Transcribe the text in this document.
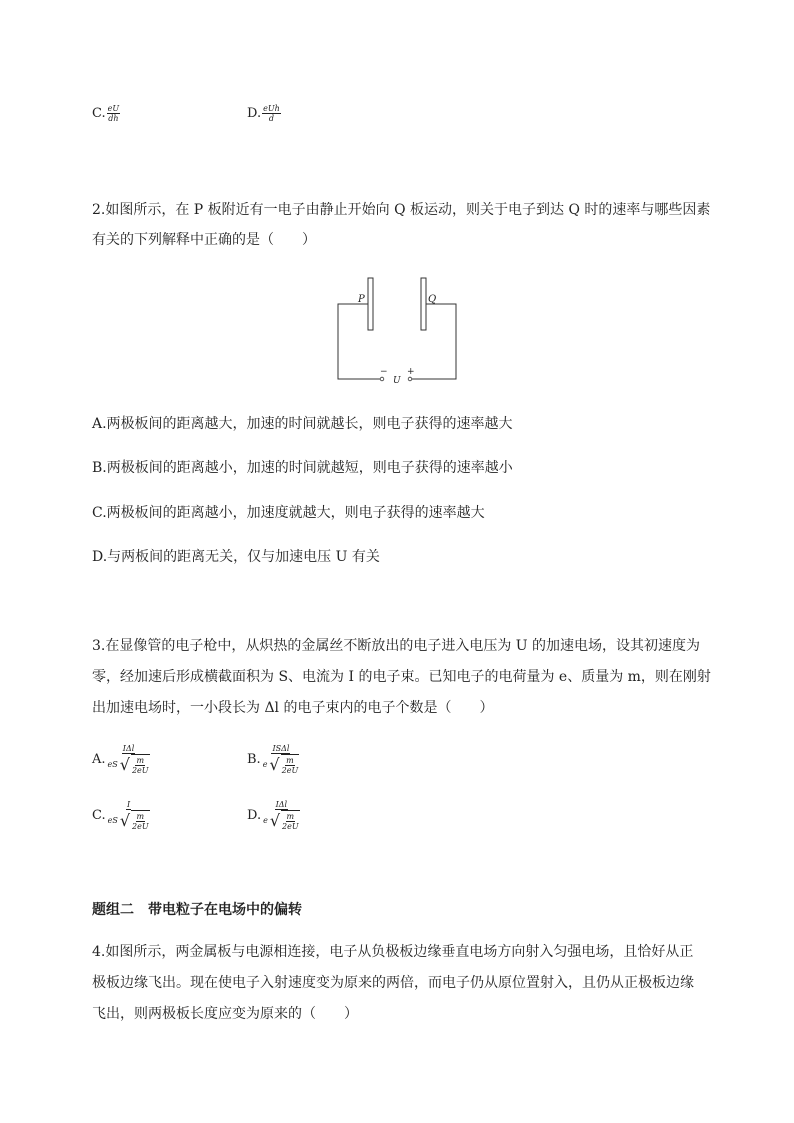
C. $\frac{eU}{dh}$	D. $\frac{\text{eUh}}{d}$
2.如图所示，在 P 板附近有一电子由静止开始向 Q 板运动，则关于电子到达 Q 时的速率与哪些因素
有关的下列解释中正确的是（　　）
P	Q
− +
U
A.两极板间的距离越大，加速的时间就越长，则电子获得的速率越大
B.两极板间的距离越小，加速的时间就越短，则电子获得的速率越小
C.两极板间的距离越小，加速度就越大，则电子获得的速率越大
D.与两板间的距离无关，仅与加速电压 U 有关
3.在显像管的电子枪中，从炽热的金属丝不断放出的电子进入电压为 U 的加速电场，设其初速度为
零，经加速后形成横截面积为 S、电流为 I 的电子束。已知电子的电荷量为 e、质量为 m，则在刚射
出加速电场时，一小段长为 Δl 的电子束内的电子个数是（　　）
A. $\frac{\text{IΔl}}{eS √ \frac{m}{2eU}}$	B. $\frac{\text{ISΔl}}{e √ \frac{m}{2eU}}$
C. $\frac{I}{eS √ \frac{m}{2eU}}$	D. $\frac{\text{IΔl}}{e √ \frac{m}{2eU}}$
题组二　带电粒子在电场中的偏转
4.如图所示，两金属板与电源相连接，电子从负极板边缘垂直电场方向射入匀强电场，且恰好从正
极板边缘飞出。现在使电子入射速度变为原来的两倍，而电子仍从原位置射入，且仍从正极板边缘
飞出，则两极板长度应变为原来的（　　）
